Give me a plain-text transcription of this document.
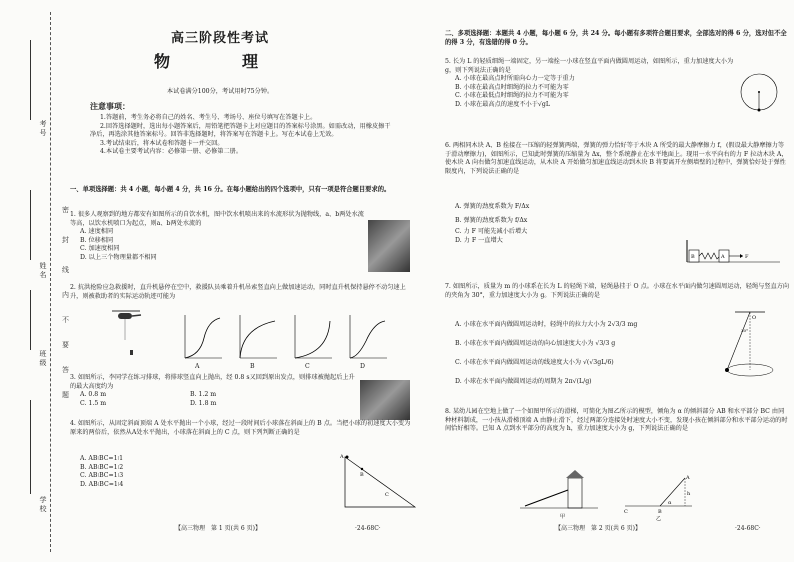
考号
姓名
班级
学校
密
封
线
内
不
要
答
题
高三阶段性考试
物　理
本试卷满分100分，考试用时75分钟。
注意事项：
1.答题前，考生务必将自己的姓名、考生号、考场号、座位号填写在答题卡上。
2.回答选择题时，选出每小题答案后，用铅笔把答题卡上对应题目的答案标号涂黑。如需改动，用橡皮擦干净后，再选涂其他答案标号。回答非选择题时，将答案写在答题卡上。写在本试卷上无效。
3.考试结束后，将本试卷和答题卡一并交回。
4.本试卷主要考试内容：必修第一册、必修第二册。
一、单项选择题：共 4 小题，每小题 4 分，共 16 分。在每小题给出的四个选项中，只有一项是符合题目要求的。
1. 很多人观察到的地方都安有如图所示的自饮水机，图中饮水机喷出来的水流形状为抛物线，a、b两处水流等高，以饮水机喷口为起点，则a、b两处水流的
A. 速度相同
B. 位移相同
C. 加速度相同
D. 以上三个物理量都不相同
2. 抗洪抢险应急救援时，直升机悬停在空中，救援队员乘着升机吊索竖直向上做加速运动，同时直升机保持悬停不动匀速上升，则被救助者的实际运动轨迹可能为
A	B	C	D
3. 如图所示，李同学在练习排球，将排球竖直向上抛出，经 0.8 s又回到原出发点，则排球被拋起后上升的最大高度约为
A. 0.8 m	B. 1.2 m
C. 1.5 m	D. 1.8 m
4. 如图所示，从固定斜面顶端 A 处水平抛出一个小球，经过一段时间后小球落在斜面上的 B 点。当把小球的初速度大小变为原来的两倍后，依然从A处水平抛出，小球落在斜面上的 C 点，则下列判断正确的是
A. AB∶BC=1∶1
B. AB∶BC=1∶2
C. AB∶BC=1∶3
D. AB∶BC=1∶4
A
B
C
【高三物理　第 1 页(共 6 页)】	·24-68C·
二、多项选择题：本题共 4 小题，每小题 6 分，共 24 分。每小题有多项符合题目要求，全部选对的得 6 分，选对但不全的得 3 分，有选错的得 0 分。
5. 长为 L 的轻质细绳一端固定，另一端拴一小球在竖直平面内做圆周运动，如图所示，重力加速度大小为 g，则下列说法正确的是
A. 小球在最高点时所需向心力一定等于重力
B. 小球在最高点时细绳的拉力不可能为零
C. 小球在最低点时细绳的拉力不可能为零
D. 小球在最高点的速度不小于√gL
6. 两相同木块 A、B 拴接在一压缩的轻弹簧两端，弹簧的弹力恰好等于木块 A 所受的最大静摩擦力 f，(假设最大静摩擦力等于滑动摩擦力)，如图所示，已知此时弹簧的压缩量为 Δx，整个系统静止在水平地面上。现用一水平向右的力 F 拉动木块 A，使木块 A 向右做匀加速直线运动，从木块 A 开始做匀加速直线运动到木块 B 将要离开左侧墙壁的过程中，弹簧恰好处于弹性限度内，下列说法正确的是
A. 弹簧的劲度系数为 F/Δx
B. 弹簧的劲度系数为 f/Δx
C. 力 F 可能先减小后增大
D. 力 F 一直增大
B	A	F
7. 如图所示，质量为 m 的小球系在长为 L 的轻绳下端，轻绳悬挂于 O 点。小球在水平面内做匀速圆周运动，轻绳与竖直方向的夹角为 30°，重力加速度大小为 g。下列说法正确的是
A. 小球在水平面内做圆周运动时，轻绳中的拉力大小为 2√3/3 mg
B. 小球在水平面内做圆周运动的向心加速度大小为 √3/3 g
C. 小球在水平面内做圆周运动的线速度大小为 √(√3gL/6)
D. 小球在水平面内做圆周运动的周期为 2π√(L/g)
O
30°
8. 某幼儿园在空地上做了一个如图甲所示的滑梯，可简化为图乙所示的模型，倾角为 α 的倾斜部分 AB 和水平部分 BC 由同种材料制成，一小孩从滑梯顶端 A 由静止滑下，经过两部分连接处时速度大小不变，发现小孩在倾斜部分和水平部分运动的时间恰好相等。已知 A 点到水平部分的高度为 h，重力加速度大小为 g，下列说法正确的是
甲
A
B
C
h
α
乙
【高三物理　第 2 页(共 6 页)】	·24-68C·
